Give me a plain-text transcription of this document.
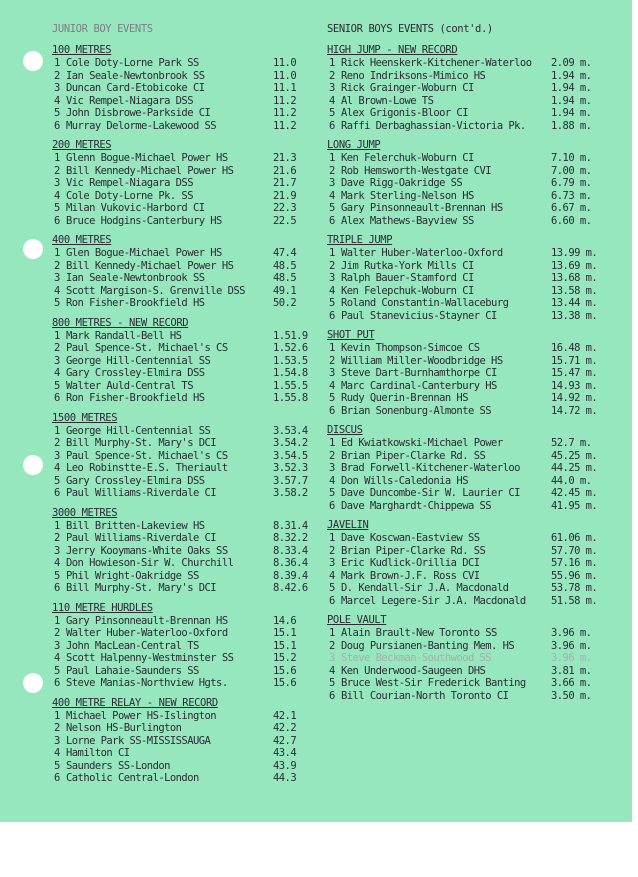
JUNIOR BOY EVENTS
100 METRES
1 Cole Doty-Lorne Park SS	11.0
2 Ian Seale-Newtonbrook SS	11.0
3 Duncan Card-Etobicoke CI	11.1
4 Vic Rempel-Niagara DSS	11.2
5 John Disbrowe-Parkside CI	11.2
6 Murray Delorme-Lakewood SS	11.2
200 METRES
1 Glenn Bogue-Michael Power HS	21.3
2 Bill Kennedy-Michael Power HS	21.6
3 Vic Rempel-Niagara DSS	21.7
4 Cole Doty-Lorne Pk. SS	21.9
5 Milan Vukovic-Harbord CI	22.3
6 Bruce Hodgins-Canterbury HS	22.5
400 METRES
1 Glen Bogue-Michael Power HS	47.4
2 Bill Kennedy-Michael Power HS	48.5
3 Ian Seale-Newtonbrook SS	48.5
4 Scott Margison-S. Grenville DSS	49.1
5 Ron Fisher-Brookfield HS	50.2
800 METRES - NEW RECORD
1 Mark Randall-Bell HS	1.51.9
2 Paul Spence-St. Michael's CS	1.52.6
3 George Hill-Centennial SS	1.53.5
4 Gary Crossley-Elmira DSS	1.54.8
5 Walter Auld-Central TS	1.55.5
6 Ron Fisher-Brookfield HS	1.55.8
1500 METRES
1 George Hill-Centennial SS	3.53.4
2 Bill Murphy-St. Mary's DCI	3.54.2
3 Paul Spence-St. Michael's CS	3.54.5
4 Leo Robinstte-E.S. Theriault	3.52.3
5 Gary Crossley-Elmira DSS	3.57.7
6 Paul Williams-Riverdale CI	3.58.2
3000 METRES
1 Bill Britten-Lakeview HS	8.31.4
2 Paul Williams-Riverdale CI	8.32.2
3 Jerry Kooymans-White Oaks SS	8.33.4
4 Don Howieson-Sir W. Churchill	8.36.4
5 Phil Wright-Oakridge SS	8.39.4
6 Bill Murphy-St. Mary's DCI	8.42.6
110 METRE HURDLES
1 Gary Pinsonneault-Brennan HS	14.6
2 Walter Huber-Waterloo-Oxford	15.1
3 John MacLean-Central TS	15.1
4 Scott Halpenny-Westminster SS	15.2
5 Paul Lahaie-Saunders SS	15.6
6 Steve Manias-Northview Hgts.	15.6
400 METRE RELAY - NEW RECORD
1 Michael Power HS-Islington	42.1
2 Nelson HS-Burlington	42.2
3 Lorne Park SS-MISSISSAUGA	42.7
4 Hamilton CI	43.4
5 Saunders SS-London	43.9
6 Catholic Central-London	44.3
SENIOR BOYS EVENTS (cont'd.)
HIGH JUMP - NEW RECORD
1 Rick Heenskerk-Kitchener-Waterloo 2.09 m.
2 Reno Indriksons-Mimico HS	1.94 m.
3 Rick Grainger-Woburn CI	1.94 m.
4 Al Brown-Lowe TS	1.94 m.
5 Alex Grigonis-Bloor CI	1.94 m.
6 Raffi Derbaghassian-Victoria Pk. 1.88 m.
LONG JUMP
1 Ken Felerchuk-Woburn CI	7.10 m.
2 Rob Hemsworth-Westgate CVI	7.00 m.
3 Dave Rigg-Oakridge SS	6.79 m.
4 Mark Sterling-Nelson HS	6.73 m.
5 Gary Pinsonneault-Brennan HS	6.67 m.
6 Alex Mathews-Bayview SS	6.60 m.
TRIPLE JUMP
1 Walter Huber-Waterloo-Oxford	13.99 m.
2 Jim Rutka-York Mills CI	13.69 m.
3 Ralph Bauer-Stamford CI	13.68 m.
4 Ken Felepchuk-Woburn CI	13.58 m.
5 Roland Constantin-Wallaceburg	13.44 m.
6 Paul Stanevicius-Stayner CI	13.38 m.
SHOT PUT
1 Kevin Thompson-Simcoe CS	16.48 m.
2 William Miller-Woodbridge HS	15.71 m.
3 Steve Dart-Burnhamthorpe CI	15.47 m.
4 Marc Cardinal-Canterbury HS	14.93 m.
5 Rudy Querin-Brennan HS	14.92 m.
6 Brian Sonenburg-Almonte SS	14.72 m.
DISCUS
1 Ed Kwiatkowski-Michael Power	52.7 m.
2 Brian Piper-Clarke Rd. SS	45.25 m.
3 Brad Forwell-Kitchener-Waterloo	44.25 m.
4 Don Wills-Caledonia HS	44.0 m.
5 Dave Duncombe-Sir W. Laurier CI	42.45 m.
6 Dave Marghardt-Chippewa SS	41.95 m.
JAVELIN
1 Dave Koscwan-Eastview SS	61.06 m.
2 Brian Piper-Clarke Rd. SS	57.70 m.
3 Eric Kudlick-Orillia DCI	57.16 m.
4 Mark Brown-J.F. Ross CVI	55.96 m.
5 D. Kendall-Sir J.A. Macdonald	53.78 m.
6 Marcel Legere-Sir J.A. Macdonald 51.58 m.
POLE VAULT
1 Alain Brault-New Toronto SS	3.96 m.
2 Doug Pursianen-Banting Mem. HS	3.96 m.
3 Steve Beckman-Southwood SS	3.96 m.
4 Ken Underwood-Saugeen DHS	3.81 m.
5 Bruce West-Sir Frederick Banting 3.66 m.
6 Bill Courian-North Toronto CI	3.50 m.
